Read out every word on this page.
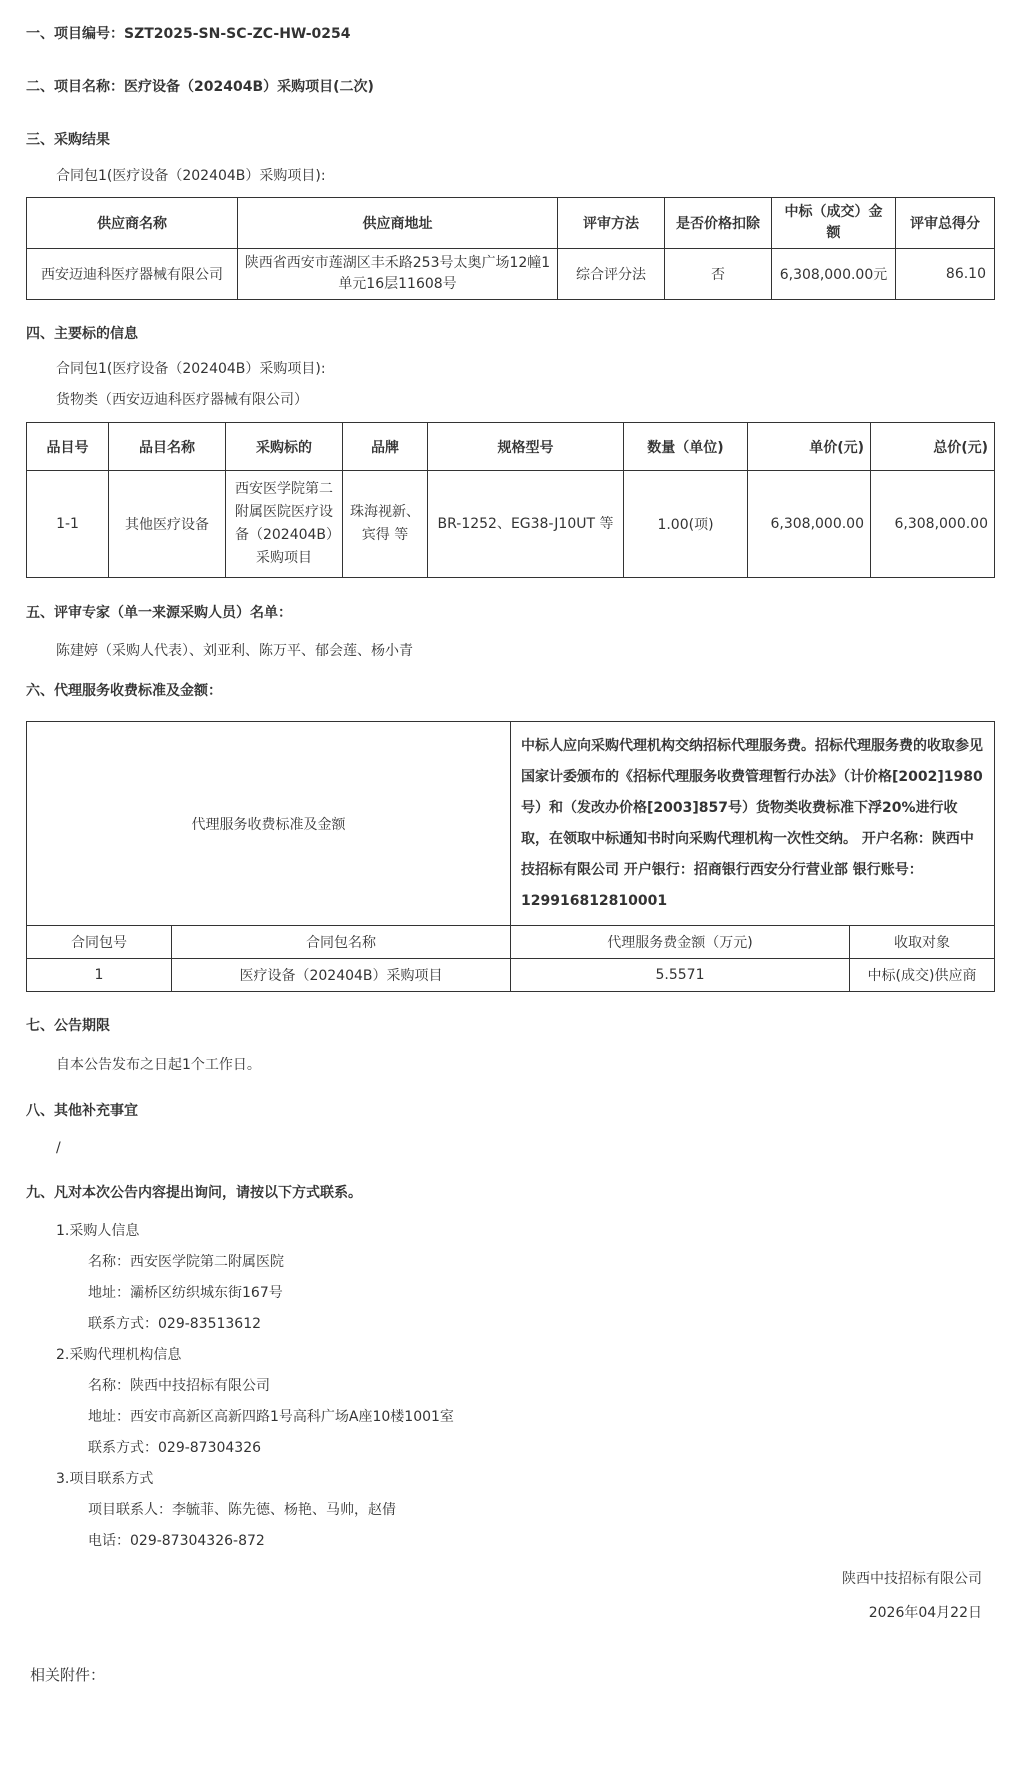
一、项目编号：SZT2025-SN-SC-ZC-HW-0254
二、项目名称：医疗设备（202404B）采购项目(二次)
三、采购结果
合同包1(医疗设备（202404B）采购项目):
供应商名称	供应商地址	评审方法	是否价格扣除	中标（成交）金额	评审总得分
西安迈迪科医疗器械有限公司	陕西省西安市莲湖区丰禾路253号太奥广场12幢1单元16层11608号	综合评分法	否	6,308,000.00元	86.10
四、主要标的信息
合同包1(医疗设备（202404B）采购项目):
货物类（西安迈迪科医疗器械有限公司）
品目号	品目名称	采购标的	品牌	规格型号	数量（单位)	单价(元)	总价(元)
1-1	其他医疗设备	西安医学院第二附属医院医疗设备（202404B）采购项目	珠海视新、宾得 等	BR-1252、EG38-J10UT 等	1.00(项)	6,308,000.00	6,308,000.00
五、评审专家（单一来源采购人员）名单：
陈建婷（采购人代表）、刘亚利、陈万平、郁会莲、杨小青
六、代理服务收费标准及金额：
代理服务收费标准及金额		中标人应向采购代理机构交纳招标代理服务费。招标代理服务费的收取参见国家计委颁布的《招标代理服务收费管理暂行办法》（计价格[2002]1980号）和（发改办价格[2003]857号）货物类收费标准下浮20%进行收取，在领取中标通知书时向采购代理机构一次性交纳。 开户名称：陕西中技招标有限公司 开户银行：招商银行西安分行营业部 银行账号：129916812810001	
合同包号	合同包名称	代理服务费金额（万元)	收取对象
1	医疗设备（202404B）采购项目	5.5571	中标(成交)供应商
七、公告期限
自本公告发布之日起1个工作日。
八、其他补充事宜
/
九、凡对本次公告内容提出询问，请按以下方式联系。
1.采购人信息
名称：西安医学院第二附属医院
地址：灞桥区纺织城东街167号
联系方式：029-83513612
2.采购代理机构信息
名称：陕西中技招标有限公司
地址：西安市高新区高新四路1号高科广场A座10楼1001室
联系方式：029-87304326
3.项目联系方式
项目联系人：李毓菲、陈先德、杨艳、马帅，赵倩
电话：029-87304326-872
陕西中技招标有限公司
2026年04月22日
相关附件：
